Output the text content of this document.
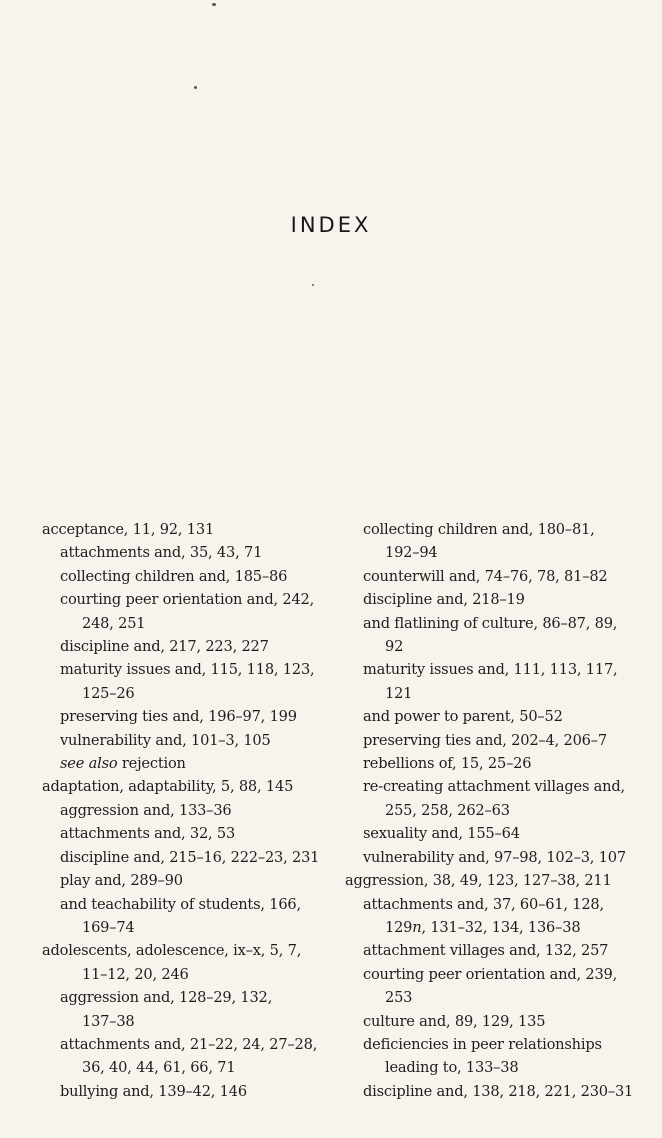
INDEX
acceptance, 11, 92, 131
attachments and, 35, 43, 71
collecting children and, 185–86
courting peer orientation and, 242,
248, 251
discipline and, 217, 223, 227
maturity issues and, 115, 118, 123,
125–26
preserving ties and, 196–97, 199
vulnerability and, 101–3, 105
see also rejection
adaptation, adaptability, 5, 88, 145
aggression and, 133–36
attachments and, 32, 53
discipline and, 215–16, 222–23, 231
play and, 289–90
and teachability of students, 166,
169–74
adolescents, adolescence, ix–x, 5, 7,
11–12, 20, 246
aggression and, 128–29, 132,
137–38
attachments and, 21–22, 24, 27–28,
36, 40, 44, 61, 66, 71
bullying and, 139–42, 146
collecting children and, 180–81,
192–94
counterwill and, 74–76, 78, 81–82
discipline and, 218–19
and flatlining of culture, 86–87, 89,
92
maturity issues and, 111, 113, 117,
121
and power to parent, 50–52
preserving ties and, 202–4, 206–7
rebellions of, 15, 25–26
re-creating attachment villages and,
255, 258, 262–63
sexuality and, 155–64
vulnerability and, 97–98, 102–3, 107
aggression, 38, 49, 123, 127–38, 211
attachments and, 37, 60–61, 128,
129n, 131–32, 134, 136–38
attachment villages and, 132, 257
courting peer orientation and, 239,
253
culture and, 89, 129, 135
deficiencies in peer relationships
leading to, 133–38
discipline and, 138, 218, 221, 230–31
